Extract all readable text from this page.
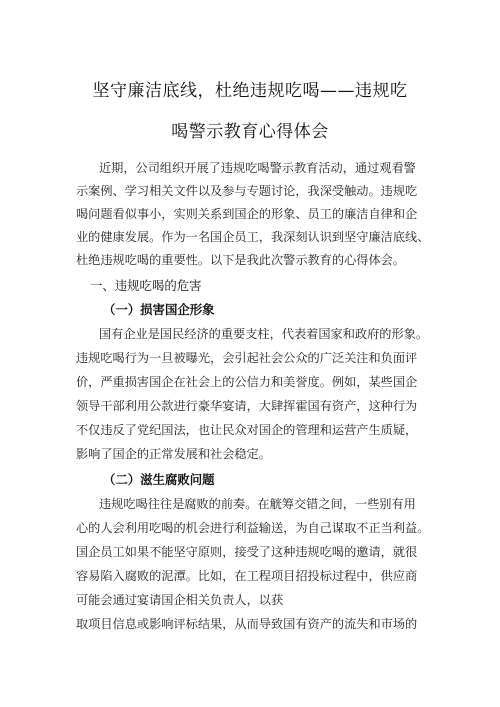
坚守廉洁底线，杜绝违规吃喝——违规吃
喝警示教育心得体会
近期，公司组织开展了违规吃喝警示教育活动，通过观看警
示案例、学习相关文件以及参与专题讨论，我深受触动。违规吃
喝问题看似事小，实则关系到国企的形象、员工的廉洁自律和企
业的健康发展。作为一名国企员工，我深刻认识到坚守廉洁底线、
杜绝违规吃喝的重要性。以下是我此次警示教育的心得体会。
一、违规吃喝的危害
（一）损害国企形象
国有企业是国民经济的重要支柱，代表着国家和政府的形象。
违规吃喝行为一旦被曝光，会引起社会公众的广泛关注和负面评
价，严重损害国企在社会上的公信力和美誉度。例如，某些国企
领导干部利用公款进行豪华宴请，大肆挥霍国有资产，这种行为
不仅违反了党纪国法，也让民众对国企的管理和运营产生质疑，
影响了国企的正常发展和社会稳定。
（二）滋生腐败问题
违规吃喝往往是腐败的前奏。在觥筹交错之间，一些别有用
心的人会利用吃喝的机会进行利益输送，为自己谋取不正当利益。
国企员工如果不能坚守原则，接受了这种违规吃喝的邀请，就很
容易陷入腐败的泥潭。比如，在工程项目招投标过程中，供应商
可能会通过宴请国企相关负责人，以获
取项目信息或影响评标结果，从而导致国有资产的流失和市场的
